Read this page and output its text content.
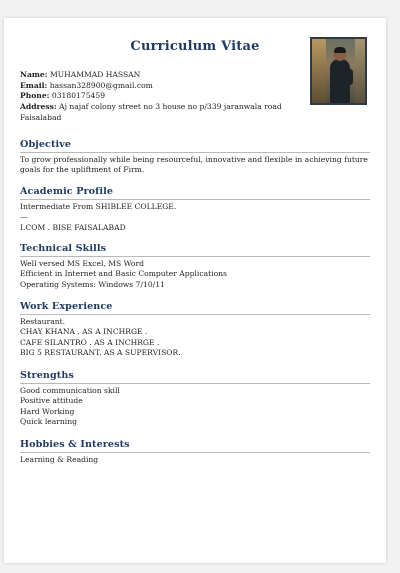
Curriculum Vitae
Name: MUHAMMAD HASSAN
Email: hassan328900@gmail.com
Phone: 03180175459
Address: Aj najaf colony street no 3 house no p/339 jaranwala road
Faisalabad
Objective
To grow professionally while being resourceful, innovative and flexible in achieving future
goals for the upliftment of Firm.
Academic Profile
Intermediate From SHIBLEE COLLEGE.
—
I.COM . BISE FAISALABAD
Technical Skills
Well versed MS Excel, MS Word
Efficient in Internet and Basic Computer Applications
Operating Systems: Windows 7/10/11
Work Experience
Restaurant.
CHAY KHANA . AS A INCHRGE .
CAFE SILANTRO . AS A INCHRGE .
BIG 5 RESTAURANT. AS A SUPERVISOR.
Strengths
Good communication skill
Positive attitude
Hard Working
Quick learning
Hobbies & Interests
Learning & Reading
